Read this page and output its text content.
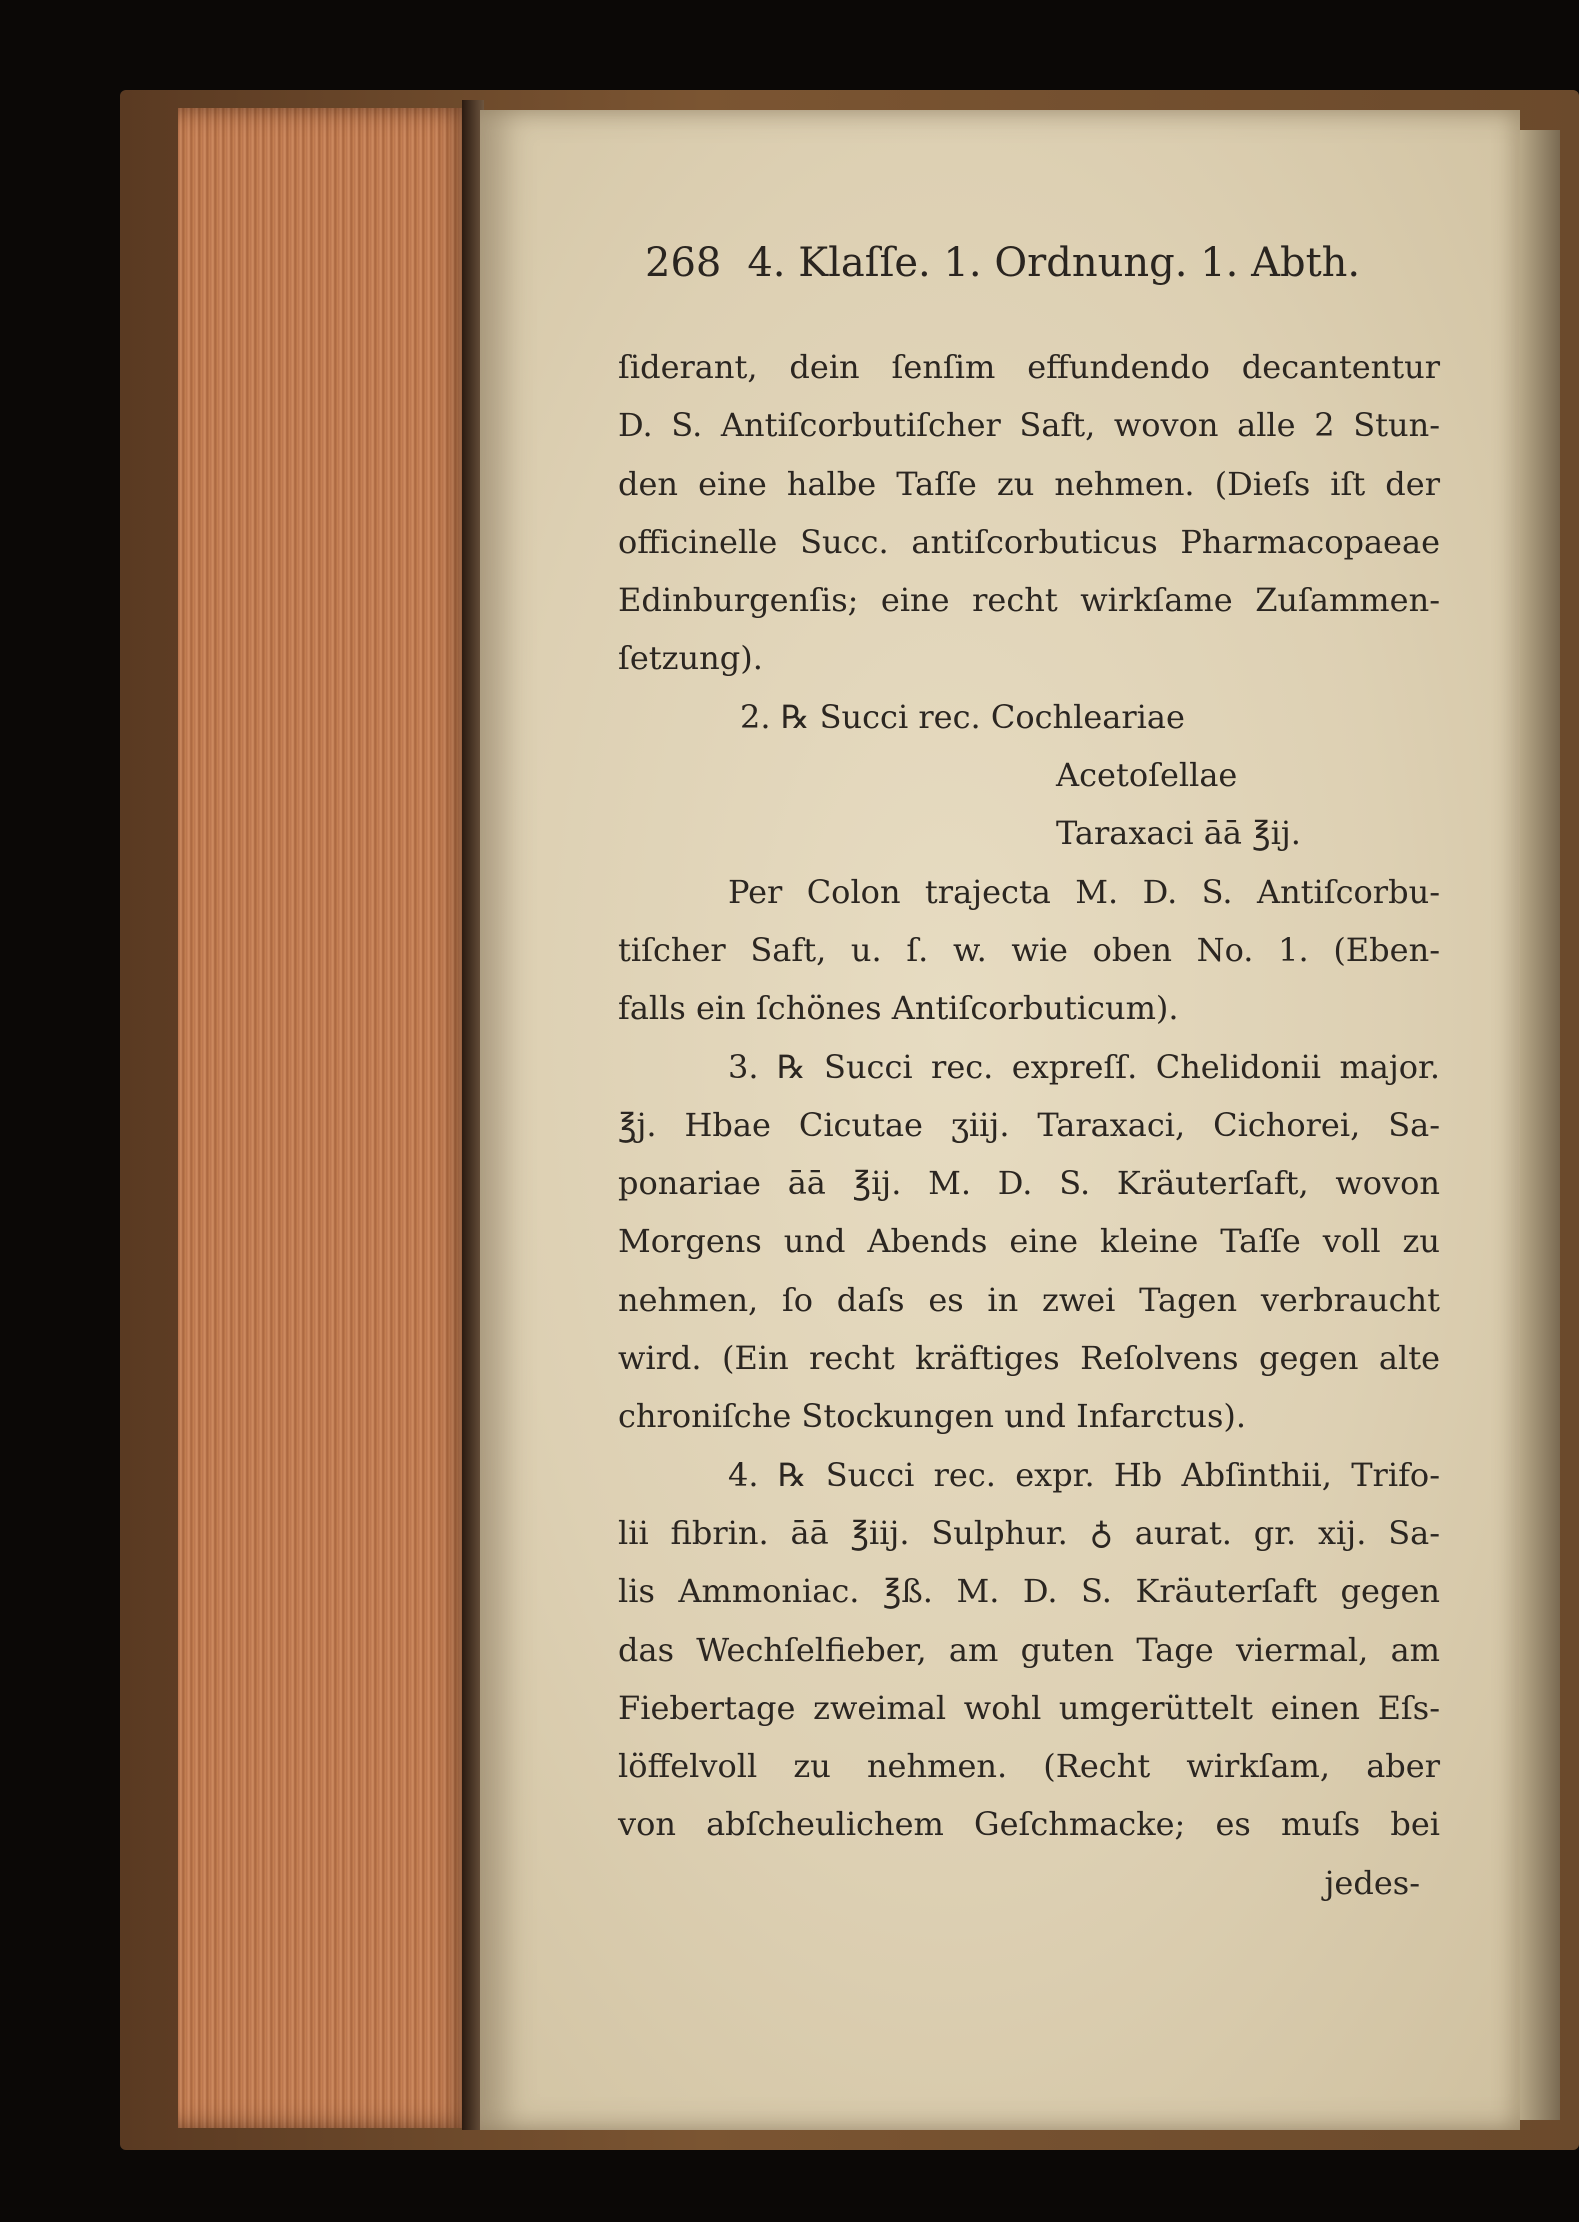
268 4. Klaſſe. 1. Ordnung. 1. Abth.
ſiderant, dein ſenſim effundendo decantentur
D. S. Antiſcorbutiſcher Saft, wovon alle 2 Stun-
den eine halbe Taſſe zu nehmen. (Dieſs iſt der
officinelle Succ. antiſcorbuticus Pharmacopaeae
Edinburgenſis; eine recht wirkſame Zuſammen-
ſetzung).
2. ℞ Succi rec. Cochleariae
Acetoſellae
Taraxaci āā ℥ij.
Per Colon trajecta M. D. S. Antiſcorbu-
tiſcher Saft, u. ſ. w. wie oben No. 1. (Eben-
falls ein ſchönes Antiſcorbuticum).
3. ℞ Succi rec. expreſſ. Chelidonii major.
℥j. Hbae Cicutae ʒiij. Taraxaci, Cichorei, Sa-
ponariae āā ℥ij. M. D. S. Kräuterſaft, wovon
Morgens und Abends eine kleine Taſſe voll zu
nehmen, ſo daſs es in zwei Tagen verbraucht
wird. (Ein recht kräftiges Reſolvens gegen alte
chroniſche Stockungen und Infarctus).
4. ℞ Succi rec. expr. Hb Abſinthii, Trifo-
lii fibrin. āā ℥iij. Sulphur. ♁ aurat. gr. xij. Sa-
lis Ammoniac. ℥ß. M. D. S. Kräuterſaft gegen
das Wechſelfieber, am guten Tage viermal, am
Fiebertage zweimal wohl umgerüttelt einen Eſs-
löffelvoll zu nehmen. (Recht wirkſam, aber
von abſcheulichem Geſchmacke; es muſs bei
jedes-
